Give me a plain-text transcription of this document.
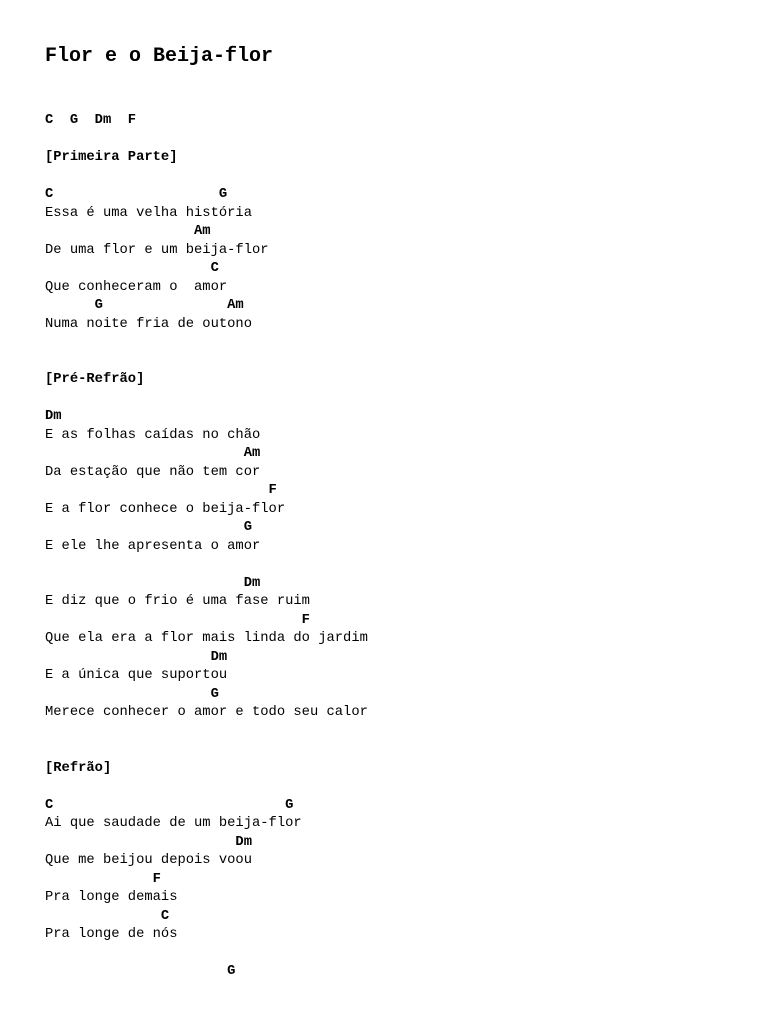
Flor e o Beija-flor
C  G  Dm  F
[Primeira Parte]
C                    G
Essa é uma velha história
Am
De uma flor e um beija-flor
C
Que conheceram o  amor
G               Am
Numa noite fria de outono
[Pré-Refrão]
Dm
E as folhas caídas no chão
Am
Da estação que não tem cor
F
E a flor conhece o beija-flor
G
E ele lhe apresenta o amor
Dm
E diz que o frio é uma fase ruim
F
Que ela era a flor mais linda do jardim
Dm
E a única que suportou
G
Merece conhecer o amor e todo seu calor
[Refrão]
C                            G
Ai que saudade de um beija-flor
Dm
Que me beijou depois voou
F
Pra longe demais
C
Pra longe de nós
G
